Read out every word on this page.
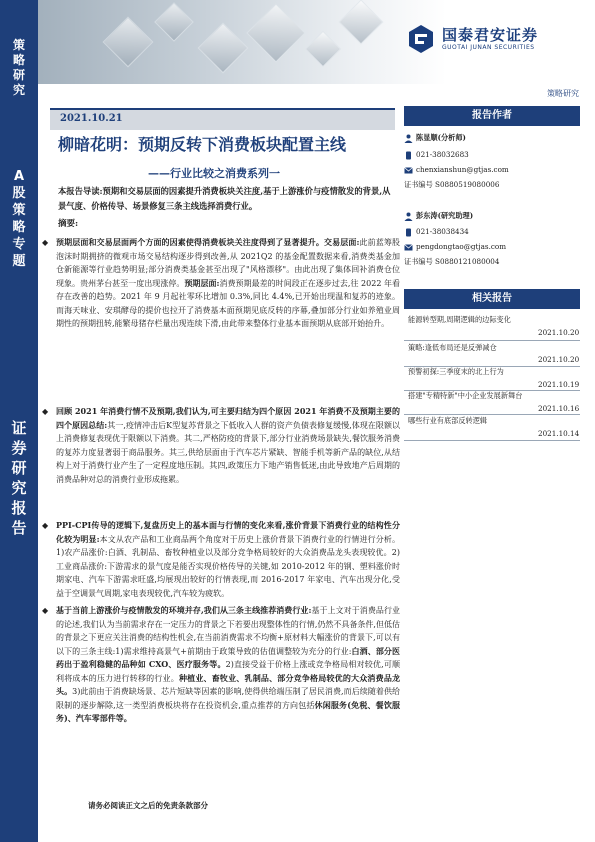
国泰君安证券
GUOTAI JUNAN SECURITIES
策
略
研
究
A
股
策
略
专
题
证
券
研
究
报
告
策略研究
2021.10.21
柳暗花明：预期反转下消费板块配置主线
——行业比较之消费系列一
本报告导读:预期和交易层面的因素提升消费板块关注度,基于上游涨价与疫情散发的背景,从景气度、价格传导、场景修复三条主线选择消费行业。
摘要:
◆ 预期层面和交易层面两个方面的因素使得消费板块关注度得到了显著提升。交易层面:此前蓝筹股泡沫时期拥挤的微观市场交易结构逐步得到改善,从 2021Q2 的基金配置数据来看,消费类基金加仓新能源等行业趋势明显;部分消费类基金甚至出现了"风格漂移"。由此出现了集体回补消费仓位现象。贵州茅台甚至一度出现涨停。预期层面:消费预期最差的时间段正在逐步过去,往 2022 年看存在改善的趋势。2021 年 9 月起社零环比增加 0.3%,同比 4.4%,已开始出现温和复苏的迹象。而海天味业、安琪酵母的提价也拉开了消费基本面预期见底反转的序幕,叠加部分行业如养殖业周期性的预期扭转,能繁母猪存栏量出现连续下滑,由此带来整体行业基本面预期从底部开始抬升。
◆ 回顾 2021 年消费行情不及预期,我们认为,可主要归结为四个原因 2021 年消费不及预期主要的四个原因总结:其一,疫情冲击后K型复苏背景之下低收入人群的资产负债表修复缓慢,体现在限额以上消费修复表现优于限额以下消费。其二,严格防疫的背景下,部分行业消费场景缺失,餐饮服务消费的复苏力度显著弱于商品服务。其三,供给层面由于汽车芯片紧缺、智能手机等新产品的缺位,从结构上对于消费行业产生了一定程度地压制。其四,政策压力下地产销售低迷,由此导致地产后周期的消费品种对总的消费行业形成拖累。
◆ PPI-CPI传导的逻辑下,复盘历史上的基本面与行情的变化来看,涨价背景下消费行业的结构性分化较为明显:本文从农产品和工业商品两个角度对于历史上涨价背景下消费行业的行情进行分析。1)农产品涨价:白酒、乳制品、畜牧种植业以及部分竞争格局较好的大众消费品龙头表现较优。2)工业商品涨价:下游需求的景气度是能否实现价格传导的关键,如 2010-2012 年的钢、塑料涨价时期家电、汽车下游需求旺盛,均展现出较好的行情表现,而 2016-2017 年家电、汽车出现分化,受益于空调景气周期,家电表现较优,汽车较为疲软。
◆ 基于当前上游涨价与疫情散发的环境并存,我们从三条主线推荐消费行业:基于上文对于消费品行业的论述,我们认为当前需求存在一定压力的背景之下若要出现整体性的行情,仍然不具备条件,但低估的背景之下更应关注消费的结构性机会,在当前消费需求不均衡+原材料大幅涨价的背景下,可以有以下的三条主线:1)需求维持高景气+前期由于政策导致的估值调整较为充分的行业:白酒、部分医药出于盈利稳健的品种如 CXO、医疗服务等。2)直接受益于价格上涨或竞争格局相对较优,可顺利将成本的压力进行转移的行业。种植业、畜牧业、乳制品、部分竞争格局较优的大众消费品龙头。3)此前由于消费缺场景、芯片短缺等因素的影响,使得供给端压制了居民消费,而后续随着供给限制的逐步解除,这一类型消费板块将存在投资机会,重点推荐的方向包括休闲服务(免税、餐饮服务)、汽车零部件等。
报告作者
陈显顺(分析师)
021-38032683
chenxianshun@gtjas.com
证书编号 S0880519080006
彭东涛(研究助理)
021-38038434
pengdongtao@gtjas.com
证书编号 S0880121080004
相关报告
能源转型期,周期逻辑的边际变化
2021.10.20
策略:逢低布局还是反弹减仓
2021.10.20
预警初探:三季度末的北上行为
2021.10.19
搭建"专精特新"中小企业发展新舞台
2021.10.16
哪些行业有底部反转逻辑
2021.10.14
请务必阅读正文之后的免责条款部分
